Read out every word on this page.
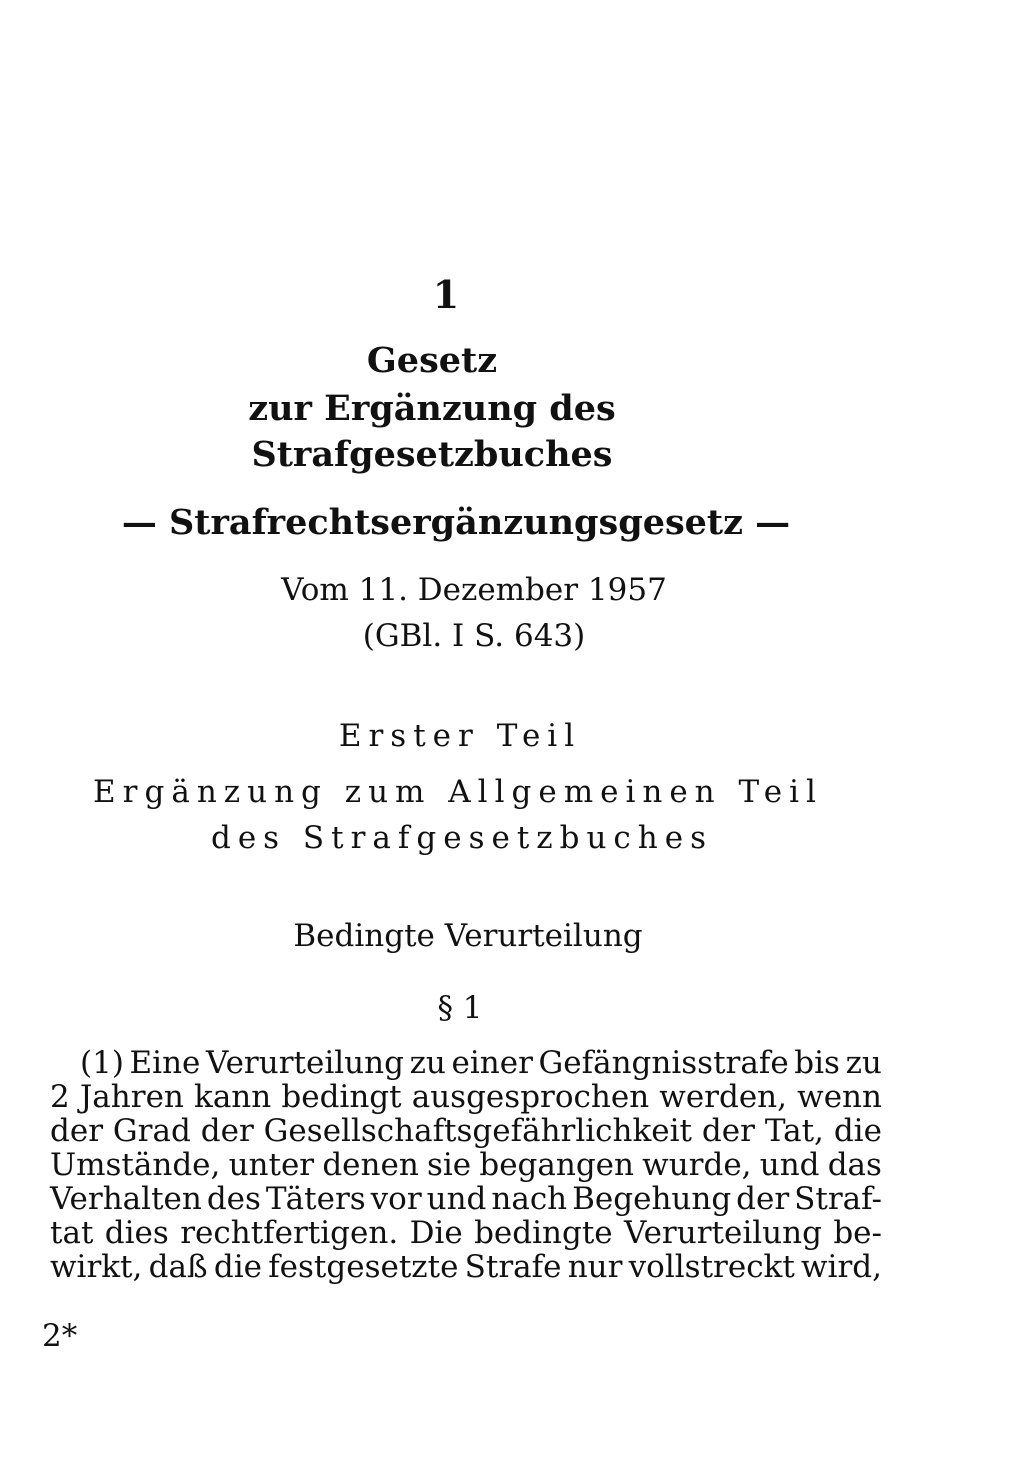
1
Gesetz
zur Ergänzung des
Strafgesetzbuches
— Strafrechtsergänzungsgesetz —
Vom 11. Dezember 1957
(GBl. I S. 643)
Erster Teil
Ergänzung zum Allgemeinen Teil
des Strafgesetzbuches
Bedingte Verurteilung
§ 1
(1) Eine Verurteilung zu einer Gefängnisstrafe bis zu
2 Jahren kann bedingt ausgesprochen werden, wenn
der Grad der Gesellschaftsgefährlichkeit der Tat, die
Umstände, unter denen sie begangen wurde, und das
Verhalten des Täters vor und nach Begehung der Straf-
tat dies rechtfertigen. Die bedingte Verurteilung be-
wirkt, daß die festgesetzte Strafe nur vollstreckt wird,
2*
